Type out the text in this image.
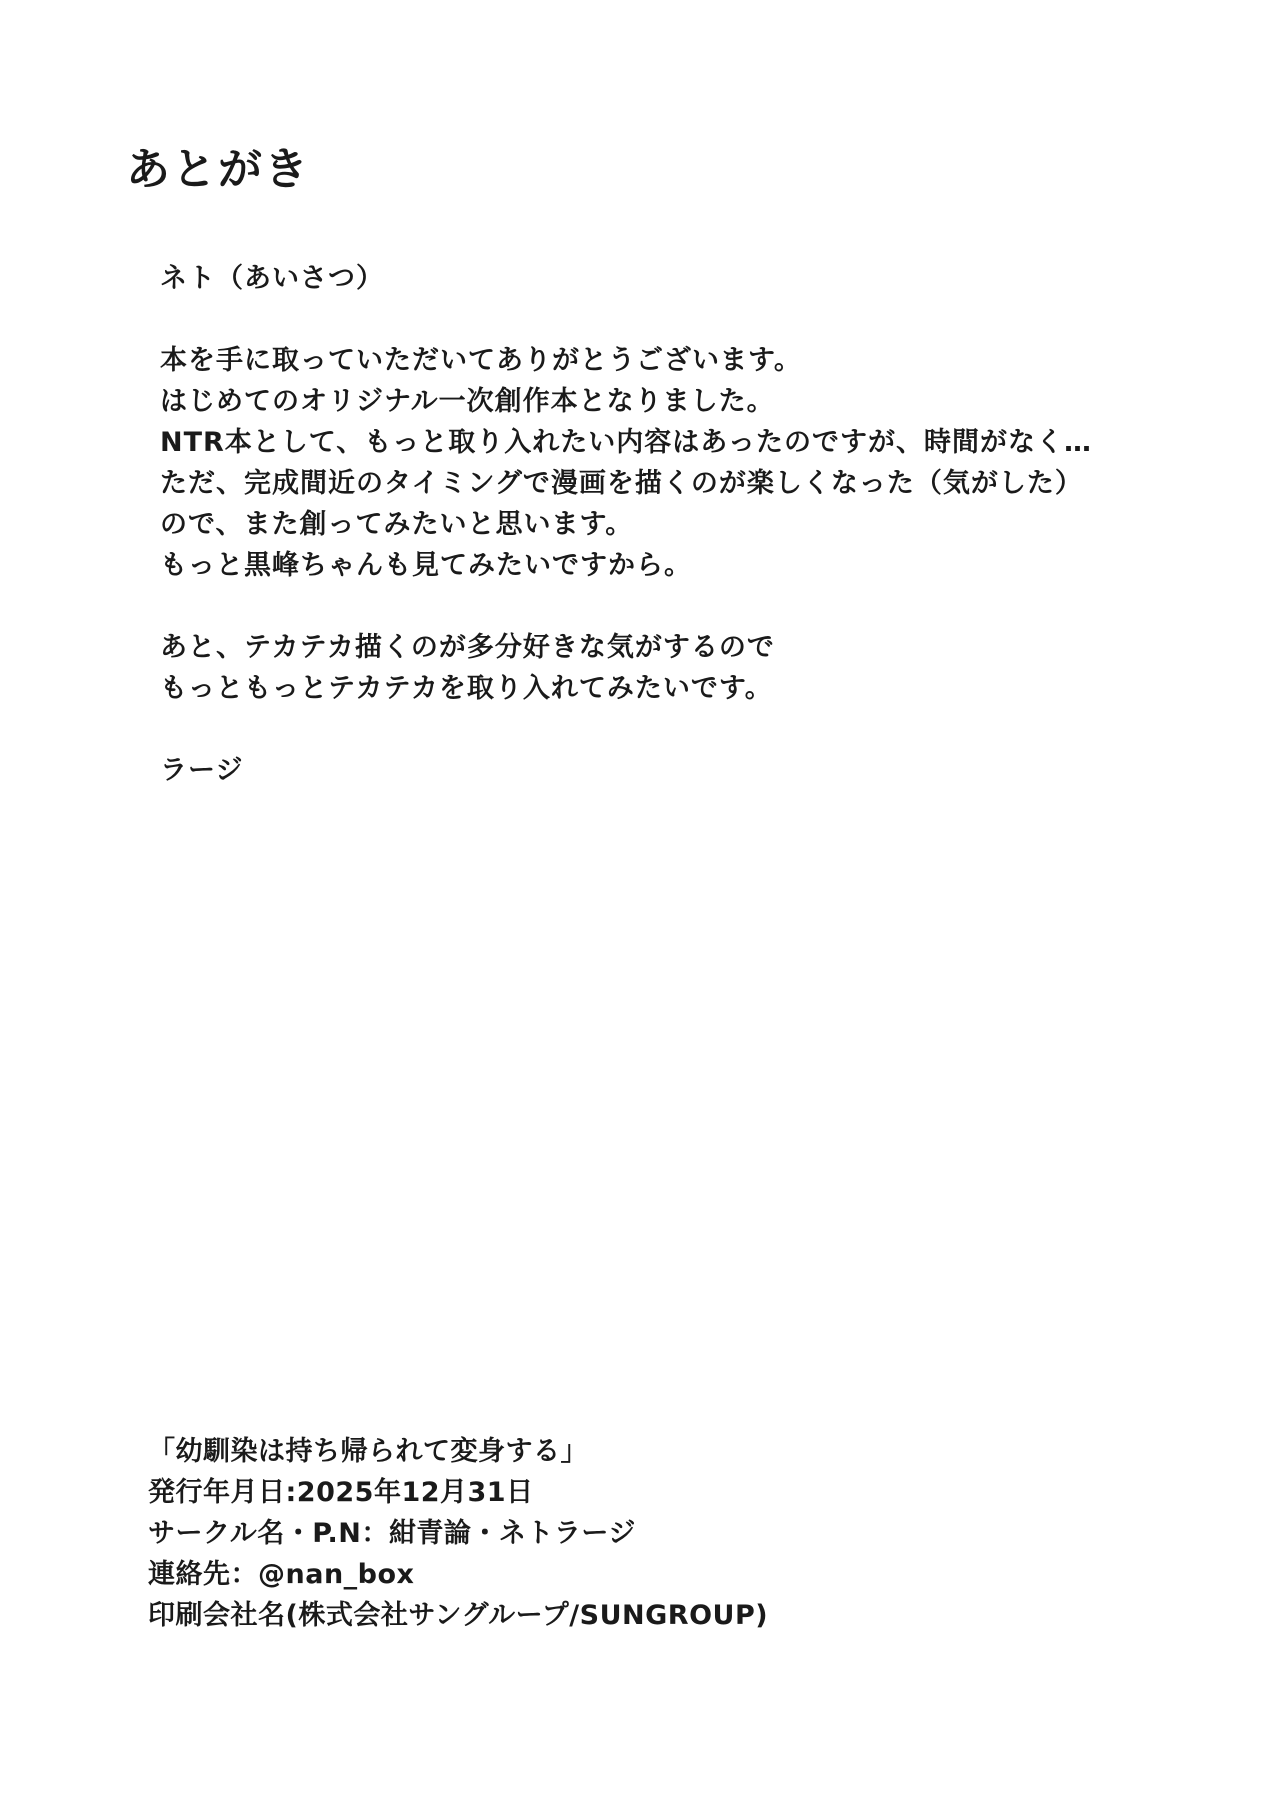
あとがき
ネト（あいさつ）
本を手に取っていただいてありがとうございます。
はじめてのオリジナル一次創作本となりました。
NTR本として、もっと取り入れたい内容はあったのですが、時間がなく…
ただ、完成間近のタイミングで漫画を描くのが楽しくなった（気がした）
ので、また創ってみたいと思います。
もっと黒峰ちゃんも見てみたいですから。
あと、テカテカ描くのが多分好きな気がするので
もっともっとテカテカを取り入れてみたいです。
ラージ
「幼馴染は持ち帰られて変身する」
発行年月日:2025年12月31日
サークル名・P.N：紺青論・ネトラージ
連絡先：@nan_box
印刷会社名(株式会社サングループ/SUNGROUP)
